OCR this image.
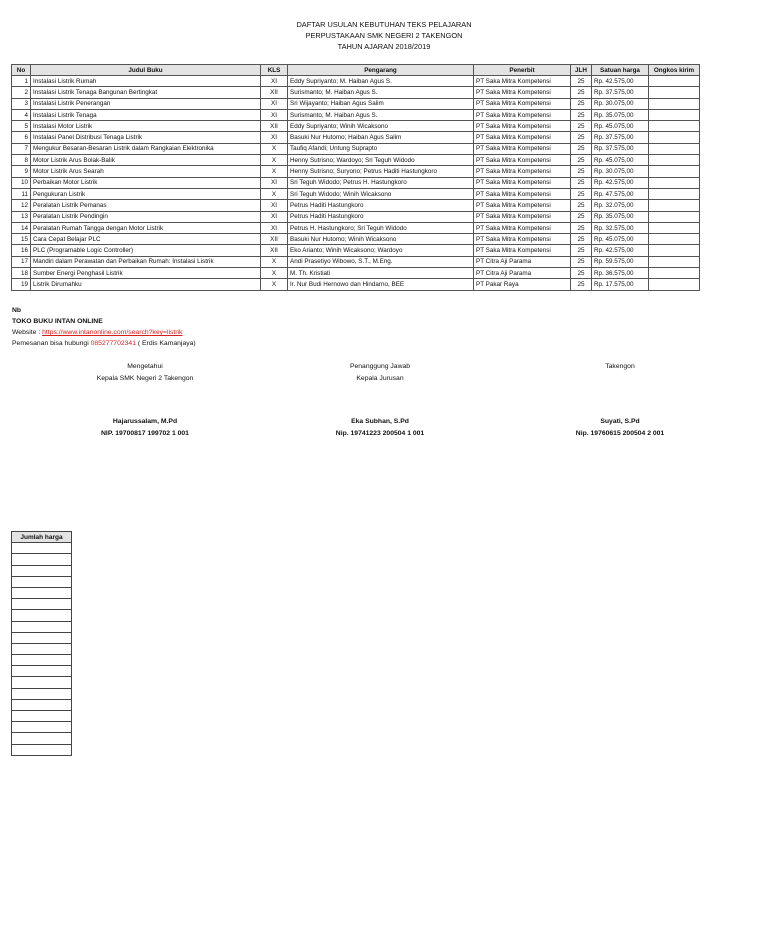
DAFTAR USULAN KEBUTUHAN TEKS PELAJARAN
PERPUSTAKAAN SMK NEGERI 2 TAKENGON
TAHUN AJARAN 2018/2019
No	Judul Buku	KLS	Pengarang	Penerbit	JLH	Satuan harga	Ongkos kirim
1	Instalasi Listrik Rumah	XI	Eddy Supriyanto; M. Haiban Agus S.	PT Saka Mitra Kompetensi	25	Rp. 42.575,00	
2	Instalasi Listrik Tenaga Bangunan Bertingkat	XII	Surismanto; M. Haiban Agus S.	PT Saka Mitra Kompetensi	25	Rp. 37.575,00	
3	Instalasi Listrik Penerangan	XI	Sri Wijayanto; Haiban Agus Salim	PT Saka Mitra Kompetensi	25	Rp. 30.075,00	
4	Instalasi Listrik Tenaga	XI	Surismanto, M. Haiban Agus S.	PT Saka Mitra Kompetensi	25	Rp. 35.075,00	
5	Instalasi Motor Listrik	XII	Eddy Supriyanto; Winih Wicaksono	PT Saka Mitra Kompetensi	25	Rp. 45.075,00	
6	Instalasi Panel Distribusi Tenaga Listrik	XI	Basuki Nur Hutomo; Haiban Agus Salim	PT Saka Mitra Kompetensi	25	Rp. 37.575,00	
7	Mengukur Besaran-Besaran Listrik dalam Rangkaian Elektronika	X	Taufiq Afandi; Untung Suprapto	PT Saka Mitra Kompetensi	25	Rp. 37.575,00	
8	Motor Listrik Arus Bolak-Balik	X	Henny Sutrisno; Wardoyo; Sri Teguh Widodo	PT Saka Mitra Kompetensi	25	Rp. 45.075,00	
9	Motor Listrik Arus Searah	X	Henny Sutrisno; Suryono; Petrus Haditi Hastungkoro	PT Saka Mitra Kompetensi	25	Rp. 30.075,00	
10	Perbaikan Motor Listrik	XI	Sri Teguh Widodo; Petrus H. Hastungkoro	PT Saka Mitra Kompetensi	25	Rp. 42.575,00	
11	Pengukuran Listrik	X	Sri Teguh Widodo; Winih Wicaksono	PT Saka Mitra Kompetensi	25	Rp. 47.575,00	
12	Peralatan Listrik Pemanas	XI	Petrus Haditi Hastungkoro	PT Saka Mitra Kompetensi	25	Rp. 32.075,00	
13	Peralatan Listrik Pendingin	XI	Petrus Haditi Hastungkoro	PT Saka Mitra Kompetensi	25	Rp. 35.075,00	
14	Peralatan Rumah Tangga dengan Motor Listrik	XI	Petrus H. Hastungkoro; Sri Teguh Widodo	PT Saka Mitra Kompetensi	25	Rp. 32.575,00	
15	Cara Cepat Belajar PLC	XII	Basuki Nur Hutomo; Winih Wicaksono	PT Saka Mitra Kompetensi	25	Rp. 45.075,00	
16	PLC (Programable Logic Controller)	XII	Eko Arianto; Winih Wicaksono; Wardoyo	PT Saka Mitra Kompetensi	25	Rp. 42.575,00	
17	Mandiri dalam Perawatan dan Perbaikan Rumah: Instalasi Listrik	X	Andi Prasetiyo Wibowo, S.T., M.Eng.	PT Citra Aji Parama	25	Rp. 59.575,00	
18	Sumber Energi Penghasil Listrik	X	M. Th. Kristiati	PT Citra Aji Parama	25	Rp. 36.575,00	
19	Listrik Dirumahku	X	Ir. Nur Budi Hernowo dan Hindarno, BEE	PT Pakar Raya	25	Rp. 17.575,00	
Nb
TOKO BUKU INTAN ONLINE
Website : https://www.intanonline.com/search?key=listrik
Pemesanan bisa hubungi 085277702341 ( Erdis Kamanjaya)
Mengetahui
Kepala SMK Negeri 2 Takengon
Hajarussalam, M.Pd
NIP. 19700817 199702 1 001
Penanggung Jawab
Kepala Jurusan
Eka Subhan, S.Pd
Nip. 19741223 200504 1 001
Takengon
Suyati, S.Pd
Nip. 19760615 200504 2 001
Jumlah harga
